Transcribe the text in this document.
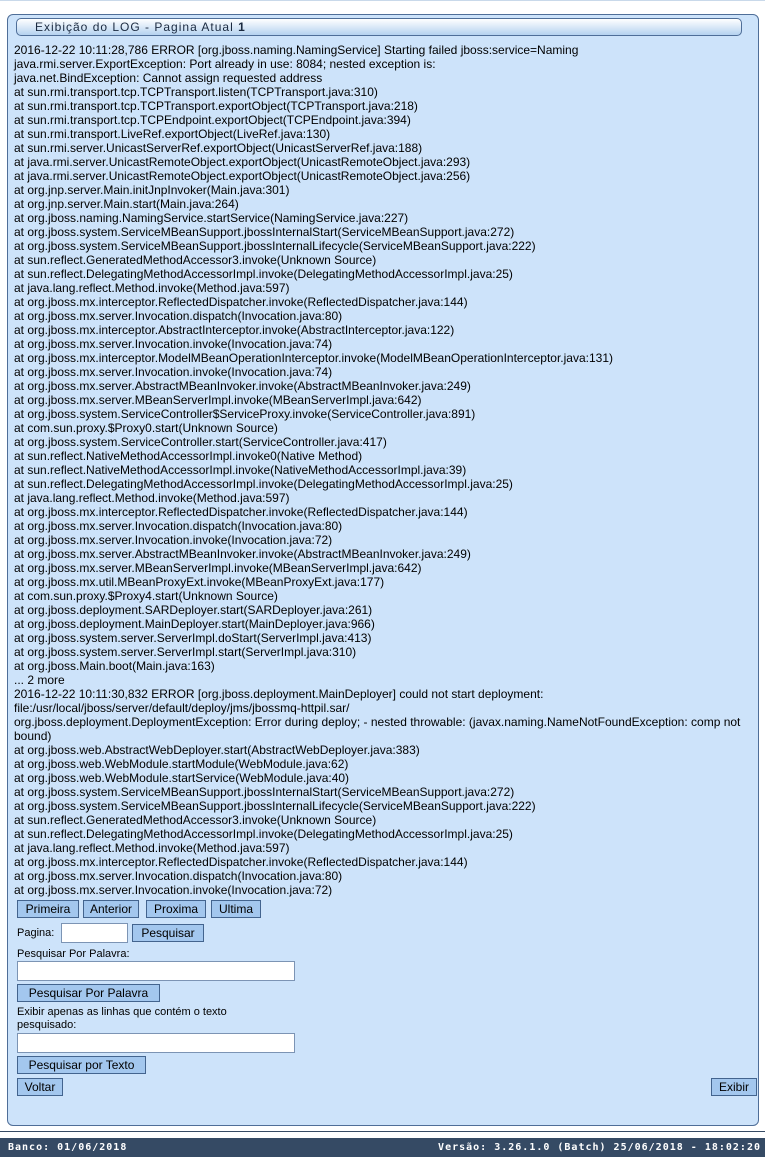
Exibição do LOG - Pagina Atual 1
2016-12-22 10:11:28,786 ERROR [org.jboss.naming.NamingService] Starting failed jboss:service=Naming
java.rmi.server.ExportException: Port already in use: 8084; nested exception is:
java.net.BindException: Cannot assign requested address
at sun.rmi.transport.tcp.TCPTransport.listen(TCPTransport.java:310)
at sun.rmi.transport.tcp.TCPTransport.exportObject(TCPTransport.java:218)
at sun.rmi.transport.tcp.TCPEndpoint.exportObject(TCPEndpoint.java:394)
at sun.rmi.transport.LiveRef.exportObject(LiveRef.java:130)
at sun.rmi.server.UnicastServerRef.exportObject(UnicastServerRef.java:188)
at java.rmi.server.UnicastRemoteObject.exportObject(UnicastRemoteObject.java:293)
at java.rmi.server.UnicastRemoteObject.exportObject(UnicastRemoteObject.java:256)
at org.jnp.server.Main.initJnpInvoker(Main.java:301)
at org.jnp.server.Main.start(Main.java:264)
at org.jboss.naming.NamingService.startService(NamingService.java:227)
at org.jboss.system.ServiceMBeanSupport.jbossInternalStart(ServiceMBeanSupport.java:272)
at org.jboss.system.ServiceMBeanSupport.jbossInternalLifecycle(ServiceMBeanSupport.java:222)
at sun.reflect.GeneratedMethodAccessor3.invoke(Unknown Source)
at sun.reflect.DelegatingMethodAccessorImpl.invoke(DelegatingMethodAccessorImpl.java:25)
at java.lang.reflect.Method.invoke(Method.java:597)
at org.jboss.mx.interceptor.ReflectedDispatcher.invoke(ReflectedDispatcher.java:144)
at org.jboss.mx.server.Invocation.dispatch(Invocation.java:80)
at org.jboss.mx.interceptor.AbstractInterceptor.invoke(AbstractInterceptor.java:122)
at org.jboss.mx.server.Invocation.invoke(Invocation.java:74)
at org.jboss.mx.interceptor.ModelMBeanOperationInterceptor.invoke(ModelMBeanOperationInterceptor.java:131)
at org.jboss.mx.server.Invocation.invoke(Invocation.java:74)
at org.jboss.mx.server.AbstractMBeanInvoker.invoke(AbstractMBeanInvoker.java:249)
at org.jboss.mx.server.MBeanServerImpl.invoke(MBeanServerImpl.java:642)
at org.jboss.system.ServiceController$ServiceProxy.invoke(ServiceController.java:891)
at com.sun.proxy.$Proxy0.start(Unknown Source)
at org.jboss.system.ServiceController.start(ServiceController.java:417)
at sun.reflect.NativeMethodAccessorImpl.invoke0(Native Method)
at sun.reflect.NativeMethodAccessorImpl.invoke(NativeMethodAccessorImpl.java:39)
at sun.reflect.DelegatingMethodAccessorImpl.invoke(DelegatingMethodAccessorImpl.java:25)
at java.lang.reflect.Method.invoke(Method.java:597)
at org.jboss.mx.interceptor.ReflectedDispatcher.invoke(ReflectedDispatcher.java:144)
at org.jboss.mx.server.Invocation.dispatch(Invocation.java:80)
at org.jboss.mx.server.Invocation.invoke(Invocation.java:72)
at org.jboss.mx.server.AbstractMBeanInvoker.invoke(AbstractMBeanInvoker.java:249)
at org.jboss.mx.server.MBeanServerImpl.invoke(MBeanServerImpl.java:642)
at org.jboss.mx.util.MBeanProxyExt.invoke(MBeanProxyExt.java:177)
at com.sun.proxy.$Proxy4.start(Unknown Source)
at org.jboss.deployment.SARDeployer.start(SARDeployer.java:261)
at org.jboss.deployment.MainDeployer.start(MainDeployer.java:966)
at org.jboss.system.server.ServerImpl.doStart(ServerImpl.java:413)
at org.jboss.system.server.ServerImpl.start(ServerImpl.java:310)
at org.jboss.Main.boot(Main.java:163)
... 2 more
2016-12-22 10:11:30,832 ERROR [org.jboss.deployment.MainDeployer] could not start deployment:
file:/usr/local/jboss/server/default/deploy/jms/jbossmq-httpil.sar/
org.jboss.deployment.DeploymentException: Error during deploy; - nested throwable: (javax.naming.NameNotFoundException: comp not
bound)
at org.jboss.web.AbstractWebDeployer.start(AbstractWebDeployer.java:383)
at org.jboss.web.WebModule.startModule(WebModule.java:62)
at org.jboss.web.WebModule.startService(WebModule.java:40)
at org.jboss.system.ServiceMBeanSupport.jbossInternalStart(ServiceMBeanSupport.java:272)
at org.jboss.system.ServiceMBeanSupport.jbossInternalLifecycle(ServiceMBeanSupport.java:222)
at sun.reflect.GeneratedMethodAccessor3.invoke(Unknown Source)
at sun.reflect.DelegatingMethodAccessorImpl.invoke(DelegatingMethodAccessorImpl.java:25)
at java.lang.reflect.Method.invoke(Method.java:597)
at org.jboss.mx.interceptor.ReflectedDispatcher.invoke(ReflectedDispatcher.java:144)
at org.jboss.mx.server.Invocation.dispatch(Invocation.java:80)
at org.jboss.mx.server.Invocation.invoke(Invocation.java:72)
Primeira	Anterior	Proxima	Ultima
Pagina:	Pesquisar
Pesquisar Por Palavra:
Pesquisar Por Palavra
Exibir apenas as linhas que contém o texto
pesquisado:
Pesquisar por Texto
Voltar	Exibir
Banco: 01/06/2018	Versão: 3.26.1.0 (Batch) 25/06/2018 - 18:02:20
